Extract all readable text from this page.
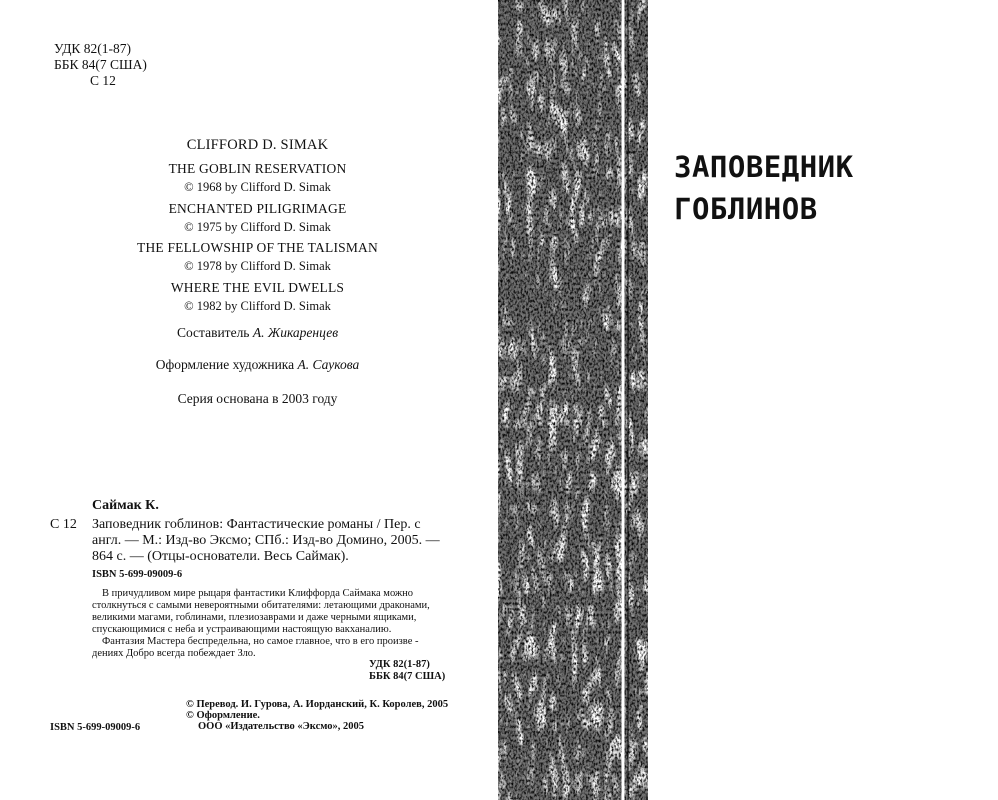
УДК 82(1-87)
ББК 84(7 США)
С 12
CLIFFORD D. SIMAK
THE GOBLIN RESERVATION
© 1968 by Clifford D. Simak
ENCHANTED PILIGRIMAGE
© 1975 by Clifford D. Simak
THE FELLOWSHIP OF THE TALISMAN
© 1978 by Clifford D. Simak
WHERE THE EVIL DWELLS
© 1982 by Clifford D. Simak
Составитель А. Жикаренцев
Оформление художника А. Саукова
Серия основана в 2003 году
Саймак К.
С 12 Заповедник гоблинов: Фантастические романы / Пер. с
англ. — М.: Изд-во Эксмо; СПб.: Изд-во Домино, 2005. —
864 с. — (Отцы-основатели. Весь Саймак).
ISBN 5-699-09009-6
В причудливом мире рыцаря фантастики Клиффорда Саймака можно
столкнуться с самыми невероятными обитателями: летающими драконами,
великими магами, гоблинами, плезиозаврами и даже черными ящиками,
спускающимися с неба и устраивающими настоящую вакханалию.
Фантазия Мастера беспредельна, но самое главное, что в его произве -
дениях Добро всегда побеждает Зло.
УДК 82(1-87)
ББК 84(7 США)
ISBN 5-699-09009-6
© Перевод. И. Гурова, А. Иорданский, К. Королев, 2005
© Оформление.
ООО «Издательство «Эксмо», 2005
ЗАПОВЕДНИК
ГОБЛИНОВ
